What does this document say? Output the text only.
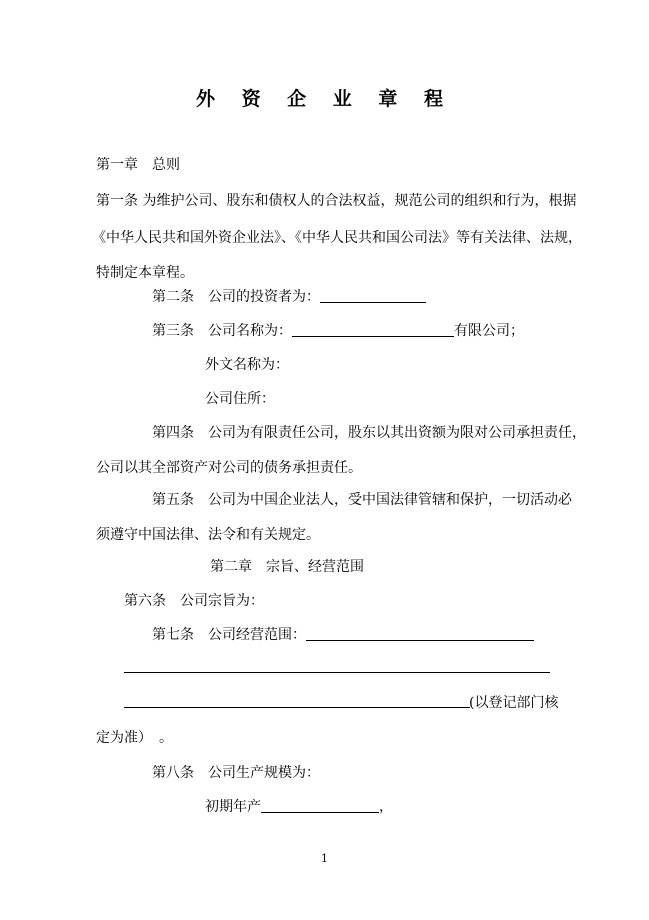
外 资 企 业 章 程
第一章 总则
第一条 为维护公司、股东和债权人的合法权益，规范公司的组织和行为，根据
《中华人民共和国外资企业法》、《中华人民共和国公司法》等有关法律、法规，
特制定本章程。
第二条 公司的投资者为：
第三条 公司名称为：	有限公司；
外文名称为：
公司住所：
第四条 公司为有限责任公司，股东以其出资额为限对公司承担责任，
公司以其全部资产对公司的债务承担责任。
第五条 公司为中国企业法人，受中国法律管辖和保护，一切活动必
须遵守中国法律、法令和有关规定。
第二章 宗旨、经营范围
第六条 公司宗旨为：
第七条 公司经营范围：
(以登记部门核
定为准）　。
第八条 公司生产规模为：
初期年产	，
1
